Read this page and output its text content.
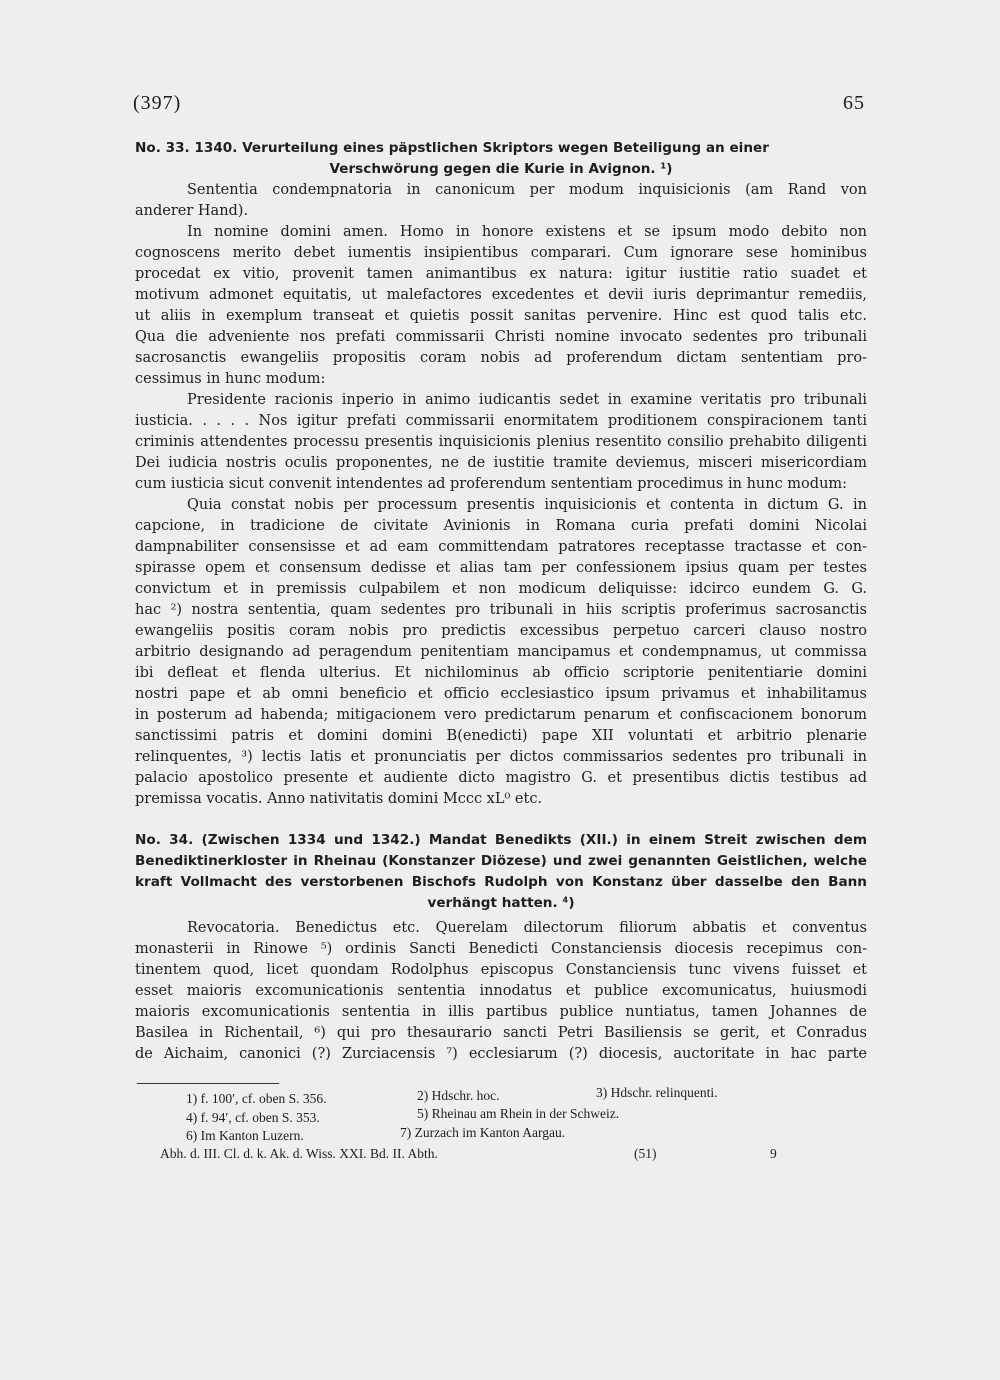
(397)	65
No. 33. 1340. Verurteilung eines päpstlichen Skriptors wegen Beteiligung an einer
Verschwörung gegen die Kurie in Avignon. ¹)
Sententia condempnatoria in canonicum per modum inquisicionis (am Rand von
anderer Hand).
In nomine domini amen. Homo in honore existens et se ipsum modo debito non
cognoscens merito debet iumentis insipientibus comparari. Cum ignorare sese hominibus
procedat ex vitio, provenit tamen animantibus ex natura: igitur iustitie ratio suadet et
motivum admonet equitatis, ut malefactores excedentes et devii iuris deprimantur remediis,
ut aliis in exemplum transeat et quietis possit sanitas pervenire. Hinc est quod talis etc.
Qua die adveniente nos prefati commissarii Christi nomine invocato sedentes pro tribunali
sacrosanctis ewangeliis propositis coram nobis ad proferendum dictam sententiam pro-
cessimus in hunc modum:
Presidente racionis inperio in animo iudicantis sedet in examine veritatis pro tribunali
iusticia. . . . . Nos igitur prefati commissarii enormitatem proditionem conspiracionem tanti
criminis attendentes processu presentis inquisicionis plenius resentito consilio prehabito diligenti
Dei iudicia nostris oculis proponentes, ne de iustitie tramite deviemus, misceri misericordiam
cum iusticia sicut convenit intendentes ad proferendum sententiam procedimus in hunc modum:
Quia constat nobis per processum presentis inquisicionis et contenta in dictum G. in
capcione, in tradicione de civitate Avinionis in Romana curia prefati domini Nicolai
dampnabiliter consensisse et ad eam committendam patratores receptasse tractasse et con-
spirasse opem et consensum dedisse et alias tam per confessionem ipsius quam per testes
convictum et in premissis culpabilem et non modicum deliquisse: idcirco eundem G. G.
hac ²) nostra sententia, quam sedentes pro tribunali in hiis scriptis proferimus sacrosanctis
ewangeliis positis coram nobis pro predictis excessibus perpetuo carceri clauso nostro
arbitrio designando ad peragendum penitentiam mancipamus et condempnamus, ut commissa
ibi defleat et flenda ulterius. Et nichilominus ab officio scriptorie penitentiarie domini
nostri pape et ab omni beneficio et officio ecclesiastico ipsum privamus et inhabilitamus
in posterum ad habenda; mitigacionem vero predictarum penarum et confiscacionem bonorum
sanctissimi patris et domini domini B(enedicti) pape XII voluntati et arbitrio plenarie
relinquentes, ³) lectis latis et pronunciatis per dictos commissarios sedentes pro tribunali in
palacio apostolico presente et audiente dicto magistro G. et presentibus dictis testibus ad
premissa vocatis. Anno nativitatis domini Mccc xL⁰ etc.
No. 34. (Zwischen 1334 und 1342.) Mandat Benedikts (XII.) in einem Streit zwischen dem
Benediktinerkloster in Rheinau (Konstanzer Diözese) und zwei genannten Geistlichen, welche
kraft Vollmacht des verstorbenen Bischofs Rudolph von Konstanz über dasselbe den Bann
verhängt hatten. ⁴)
Revocatoria. Benedictus etc. Querelam dilectorum filiorum abbatis et conventus
monasterii in Rinowe ⁵) ordinis Sancti Benedicti Constanciensis diocesis recepimus con-
tinentem quod, licet quondam Rodolphus episcopus Constanciensis tunc vivens fuisset et
esset maioris excomunicationis sententia innodatus et publice excomunicatus, huiusmodi
maioris excomunicationis sententia in illis partibus publice nuntiatus, tamen Johannes de
Basilea in Richentail, ⁶) qui pro thesaurario sancti Petri Basiliensis se gerit, et Conradus
de Aichaim, canonici (?) Zurciacensis ⁷) ecclesiarum (?) diocesis, auctoritate in hac parte
1) f. 100′, cf. oben S. 356.	2) Hdschr. hoc.	3) Hdschr. relinquenti.
4) f. 94′, cf. oben S. 353.	5) Rheinau am Rhein in der Schweiz.
6) Im Kanton Luzern.	7) Zurzach im Kanton Aargau.
Abh. d. III. Cl. d. k. Ak. d. Wiss. XXI. Bd. II. Abth.	(51)	9
